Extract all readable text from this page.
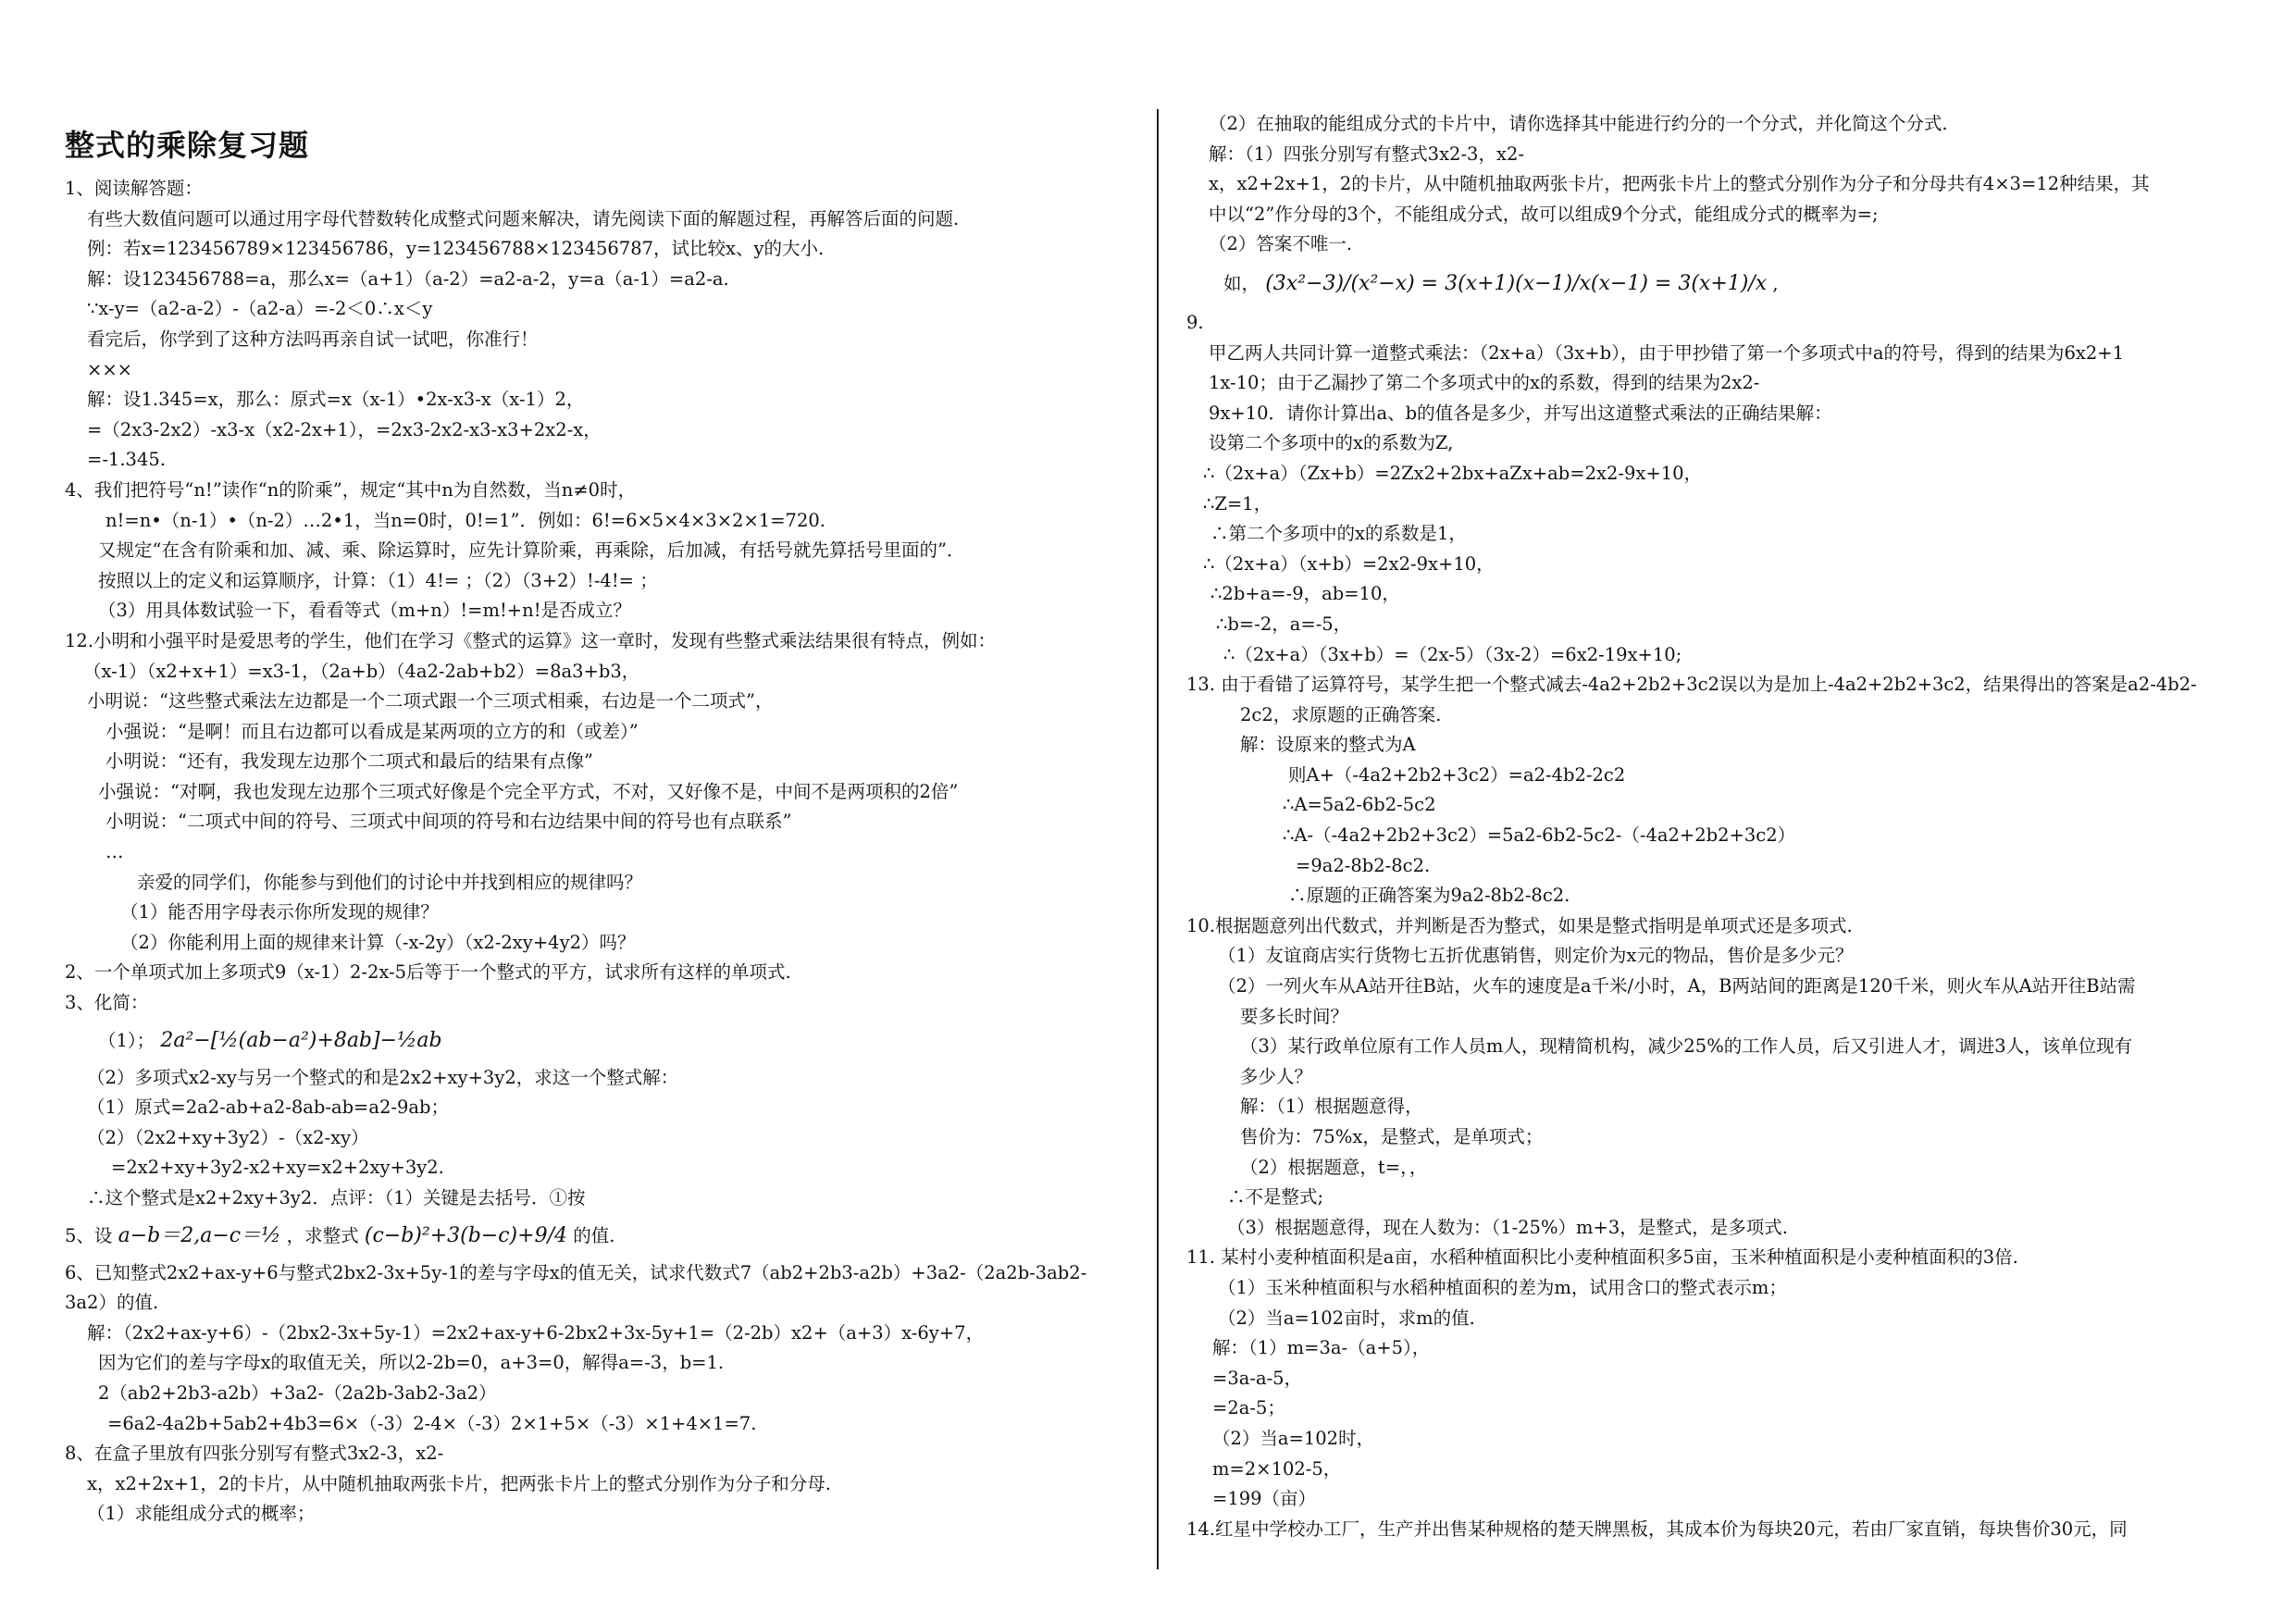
整式的乘除复习题
1、阅读解答题：
有些大数值问题可以通过用字母代替数转化成整式问题来解决，请先阅读下面的解题过程，再解答后面的问题.
例：若x=123456789×123456786，y=123456788×123456787，试比较x、y的大小.
解：设123456788=a，那么x=（a+1）（a-2）=a2-a-2，y=a（a-1）=a2-a.
∵x-y=（a2-a-2）-（a2-a）=-2＜0∴x＜y
看完后，你学到了这种方法吗再亲自试一试吧，你准行！
×××
解：设1.345=x，那么：原式=x（x-1）•2x-x3-x（x-1）2，
=（2x3-2x2）-x3-x（x2-2x+1），=2x3-2x2-x3-x3+2x2-x，
=-1.345.
4、我们把符号“n!”读作“n的阶乘”，规定“其中n为自然数，当n≠0时，
n!=n•（n-1）•（n-2）…2•1，当n=0时，0!=1”．例如：6!=6×5×4×3×2×1=720.
又规定“在含有阶乘和加、减、乘、除运算时，应先计算阶乘，再乘除，后加减，有括号就先算括号里面的”．
按照以上的定义和运算顺序，计算：（1）4!= ；（2）（3+2）!-4!= ；
（3）用具体数试验一下，看看等式（m+n）!=m!+n!是否成立？
12.小明和小强平时是爱思考的学生，他们在学习《整式的运算》这一章时，发现有些整式乘法结果很有特点，例如：
（x-1）（x2+x+1）=x3-1，（2a+b）（4a2-2ab+b2）=8a3+b3，
小明说：“这些整式乘法左边都是一个二项式跟一个三项式相乘，右边是一个二项式”，
小强说：“是啊！而且右边都可以看成是某两项的立方的和（或差）”
小明说：“还有，我发现左边那个二项式和最后的结果有点像”
小强说：“对啊，我也发现左边那个三项式好像是个完全平方式，不对，又好像不是，中间不是两项积的2倍”
小明说：“二项式中间的符号、三项式中间项的符号和右边结果中间的符号也有点联系”
…
亲爱的同学们，你能参与到他们的讨论中并找到相应的规律吗？
（1）能否用字母表示你所发现的规律？
（2）你能利用上面的规律来计算（-x-2y）（x2-2xy+4y2）吗？
2、一个单项式加上多项式9（x-1）2-2x-5后等于一个整式的平方，试求所有这样的单项式.
3、化简：
（1）； 2a²−[½(ab−a²)+8ab]−½ab
（2）多项式x2-xy与另一个整式的和是2x2+xy+3y2，求这一个整式解：
（1）原式=2a2-ab+a2-8ab-ab=a2-9ab；
（2）（2x2+xy+3y2）-（x2-xy）
=2x2+xy+3y2-x2+xy=x2+2xy+3y2.
∴这个整式是x2+2xy+3y2．点评：（1）关键是去括号．①按
5、设 a−b＝2,a−c＝½ ，求整式 (c−b)²+3(b−c)+9/4 的值.
6、已知整式2x2+ax-y+6与整式2bx2-3x+5y-1的差与字母x的值无关，试求代数式7（ab2+2b3-a2b）+3a2-（2a2b-3ab2-
3a2）的值.
解：（2x2+ax-y+6）-（2bx2-3x+5y-1）=2x2+ax-y+6-2bx2+3x-5y+1=（2-2b）x2+（a+3）x-6y+7，
因为它们的差与字母x的取值无关，所以2-2b=0，a+3=0，解得a=-3，b=1.
2（ab2+2b3-a2b）+3a2-（2a2b-3ab2-3a2）
=6a2-4a2b+5ab2+4b3=6×（-3）2-4×（-3）2×1+5×（-3）×1+4×1=7.
8、在盒子里放有四张分别写有整式3x2-3，x2-
x，x2+2x+1，2的卡片，从中随机抽取两张卡片，把两张卡片上的整式分别作为分子和分母.
（1）求能组成分式的概率；
（2）在抽取的能组成分式的卡片中，请你选择其中能进行约分的一个分式，并化简这个分式.
解：（1）四张分别写有整式3x2-3，x2-
x，x2+2x+1，2的卡片，从中随机抽取两张卡片，把两张卡片上的整式分别作为分子和分母共有4×3=12种结果，其
中以“2”作分母的3个，不能组成分式，故可以组成9个分式，能组成分式的概率为=;
（2）答案不唯一.
如， (3x²−3)/(x²−x) = 3(x+1)(x−1)/x(x−1) = 3(x+1)/x ,
9.
甲乙两人共同计算一道整式乘法：（2x+a）（3x+b），由于甲抄错了第一个多项式中a的符号，得到的结果为6x2+1
1x-10；由于乙漏抄了第二个多项式中的x的系数，得到的结果为2x2-
9x+10．请你计算出a、b的值各是多少，并写出这道整式乘法的正确结果解：
设第二个多项中的x的系数为Z,
∴（2x+a）（Zx+b）=2Zx2+2bx+aZx+ab=2x2-9x+10，
∴Z=1，
∴第二个多项中的x的系数是1，
∴（2x+a）（x+b）=2x2-9x+10，
∴2b+a=-9，ab=10，
∴b=-2，a=-5，
∴（2x+a）（3x+b）=（2x-5）（3x-2）=6x2-19x+10;
13. 由于看错了运算符号，某学生把一个整式减去-4a2+2b2+3c2误以为是加上-4a2+2b2+3c2，结果得出的答案是a2-4b2-
2c2，求原题的正确答案.
解：设原来的整式为A
则A+（-4a2+2b2+3c2）=a2-4b2-2c2
∴A=5a2-6b2-5c2
∴A-（-4a2+2b2+3c2）=5a2-6b2-5c2-（-4a2+2b2+3c2）
=9a2-8b2-8c2.
∴原题的正确答案为9a2-8b2-8c2.
10.根据题意列出代数式，并判断是否为整式，如果是整式指明是单项式还是多项式.
（1）友谊商店实行货物七五折优惠销售，则定价为x元的物品，售价是多少元？
（2）一列火车从A站开往B站，火车的速度是a千米/小时，A，B两站间的距离是120千米，则火车从A站开往B站需
要多长时间？
（3）某行政单位原有工作人员m人，现精简机构，减少25%的工作人员，后又引进人才，调进3人，该单位现有
多少人？
解：（1）根据题意得，
售价为：75%x，是整式，是单项式；
（2）根据题意，t=，，
∴不是整式;
（3）根据题意得，现在人数为：（1-25%）m+3，是整式，是多项式.
11. 某村小麦种植面积是a亩，水稻种植面积比小麦种植面积多5亩，玉米种植面积是小麦种植面积的3倍.
（1）玉米种植面积与水稻种植面积的差为m，试用含口的整式表示m；
（2）当a=102亩时，求m的值.
解：（1）m=3a-（a+5），
=3a-a-5，
=2a-5；
（2）当a=102时，
m=2×102-5，
=199（亩）
14.红星中学校办工厂，生产并出售某种规格的楚天牌黑板，其成本价为每块20元，若由厂家直销，每块售价30元，同
